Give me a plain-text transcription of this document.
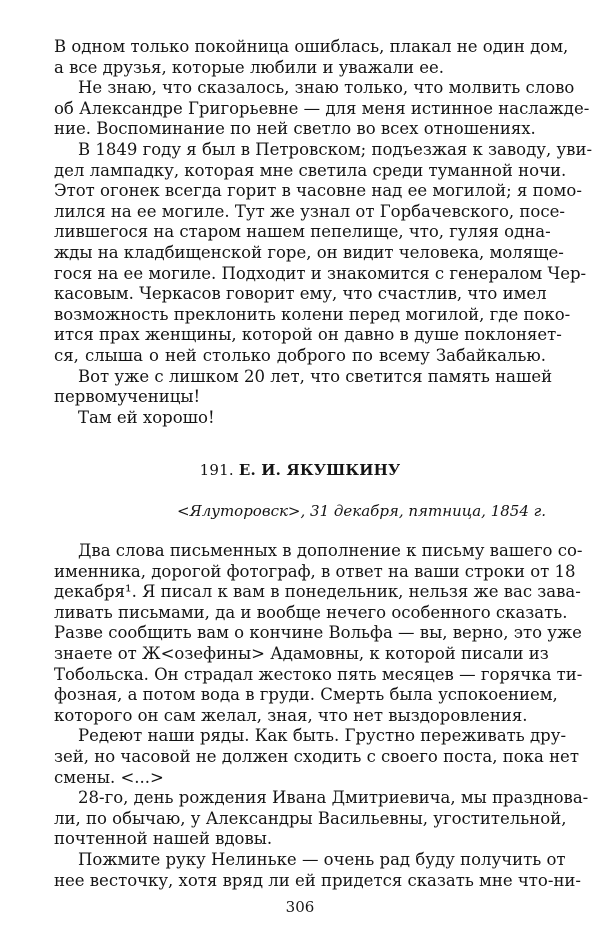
В одном только покойница ошиблась, плакал не один дом,
а все друзья, которые любили и уважали ее.
Не знаю, что сказалось, знаю только, что молвить слово
об Александре Григорьевне — для меня истинное наслажде-
ние. Воспоминание по ней светло во всех отношениях.
В 1849 году я был в Петровском; подъезжая к заводу, уви-
дел лампадку, которая мне светила среди туманной ночи.
Этот огонек всегда горит в часовне над ее могилой; я помо-
лился на ее могиле. Тут же узнал от Горбачевского, посе-
лившегося на старом нашем пепелище, что, гуляя однa-
жды на кладбищенской горе, он видит человека, молящe-
гося на ее могиле. Подходит и знакомится с генералом Чер-
касовым. Черкасов говорит ему, что счастлив, что имел
возможность преклонить колени перед могилой, где поко-
ится прах женщины, которой он давно в душе поклоняет-
ся, слыша о ней столько доброго по всему Забайкалью.
Вот уже с лишком 20 лет, что светится память нашей
первомученицы!
Там ей хорошо!
191. Е. И. ЯКУШКИНУ
<Ялуторовск>, 31 декабря, пятница, 1854 г.
Два слова письменных в дополнение к письму вашего со-
именника, дорогой фотограф, в ответ на ваши строки от 18
декабря¹. Я писал к вам в понедельник, нельзя же вас зава-
ливать письмами, да и вообще нечего особенного сказать.
Разве сообщить вам о кончине Вольфа — вы, верно, это уже
знаете от Ж<озефины> Адамовны, к которой писали из
Тобольска. Он страдал жестоко пять месяцев — горячка ти-
фозная, а потом вода в груди. Смерть была успокоением,
которого он сам желал, зная, что нет выздоровления.
Редеют наши ряды. Как быть. Грустно переживать дру-
зей, но часовой не должен сходить с своего поста, пока нет
смены. <...>
28-го, день рождения Ивана Дмитриевича, мы праздновa-
ли, по обычаю, у Александры Васильевны, угостительной,
почтенной нашей вдовы.
Пожмите руку Нелиньке — очень рад буду получить от
нее весточку, хотя вряд ли ей придется сказать мне что-ни-
306
